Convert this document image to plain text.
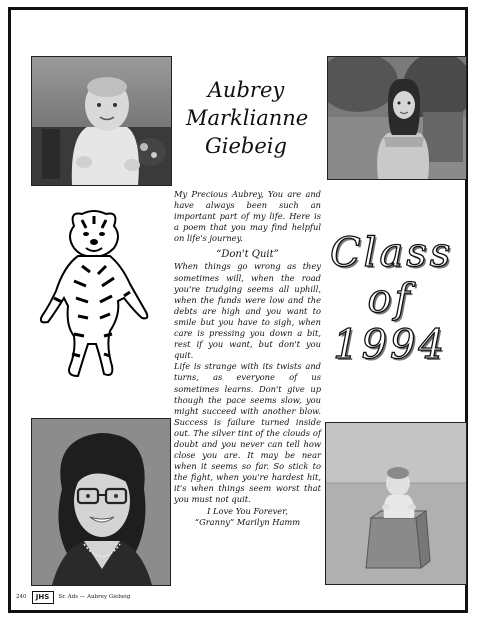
Aubrey
Marklianne
Giebeig

My Precious Aubrey, You are and have always been such an important part of my life. Here is a poem that you may find helpful on life's journey.

“Don't Quit”

When things go wrong as they sometimes will, when the road you're trudging seems all uphill, when the funds were low and the debts are high and you want to smile but you have to sigh, when care is pressing you down a bit, rest if you want, but don't you quit.

Life is strange with its twists and turns, as everyone of us sometimes learns. Don't give up though the pace seems slow, you might succeed with another blow. Success is failure turned inside out. The silver tint of the clouds of doubt and you never can tell how close you are. It may be near when it seems so far. So stick to the fight, when you're hardest hit, it's when things seem worst that you must not quit.

I Love You Forever,

“Granny” Marilyn Hamm

Class
of
1994
240	JHS	Sr. Ads — Aubrey Giebeig
